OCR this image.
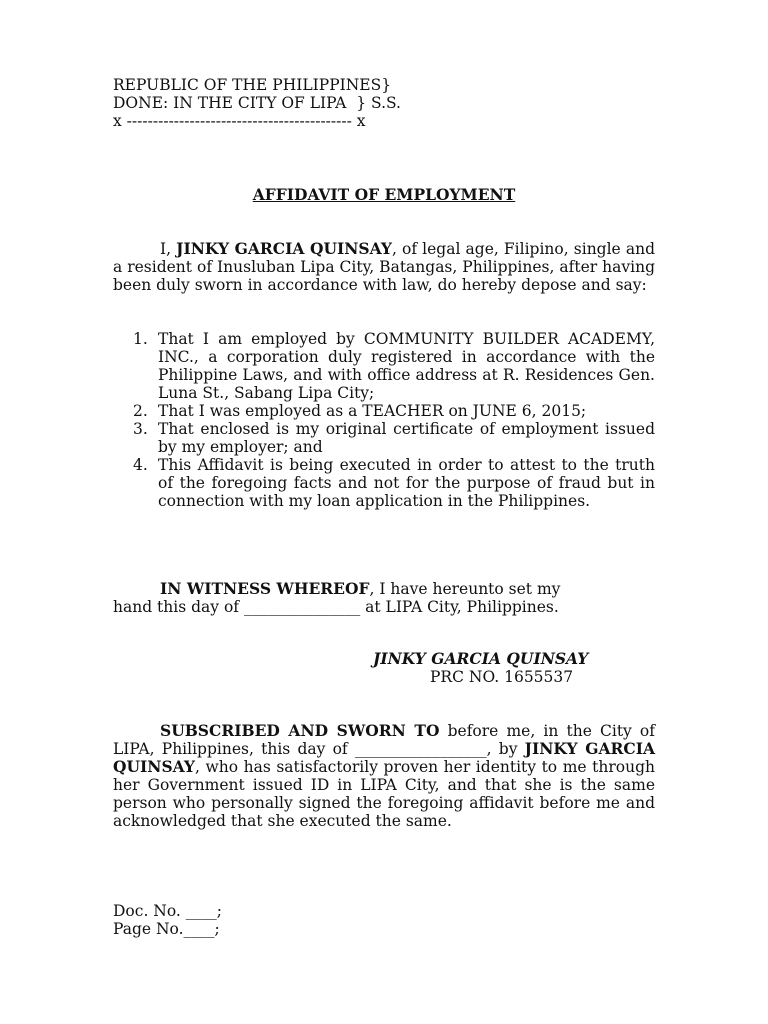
REPUBLIC OF THE PHILIPPINES}
DONE: IN THE CITY OF LIPA  } S.S.
x ------------------------------------------- x
AFFIDAVIT OF EMPLOYMENT
I, JINKY GARCIA QUINSAY, of legal age, Filipino, single and a resident of Inusluban Lipa City, Batangas, Philippines, after having been duly sworn in accordance with law, do hereby depose and say:
1. That I am employed by COMMUNITY BUILDER ACADEMY, INC., a corporation duly registered in accordance with the Philippine Laws, and with office address at R. Residences Gen. Luna St., Sabang Lipa City;
2. That I was employed as a TEACHER on JUNE 6, 2015;
3. That enclosed is my original certificate of employment issued by my employer; and
4. This Affidavit is being executed in order to attest to the truth of the foregoing facts and not for the purpose of fraud but in connection with my loan application in the Philippines.
IN WITNESS WHEREOF, I have hereunto set my
hand this day of _______________ at LIPA City, Philippines.
JINKY GARCIA QUINSAY
PRC NO. 1655537
SUBSCRIBED AND SWORN TO before me, in the City of LIPA, Philippines, this day of _________________, by JINKY GARCIA QUINSAY, who has satisfactorily proven her identity to me through her Government issued ID in LIPA City, and that she is the same person who personally signed the foregoing affidavit before me and acknowledged that she executed the same.
Doc. No. ____;
Page No.____;
